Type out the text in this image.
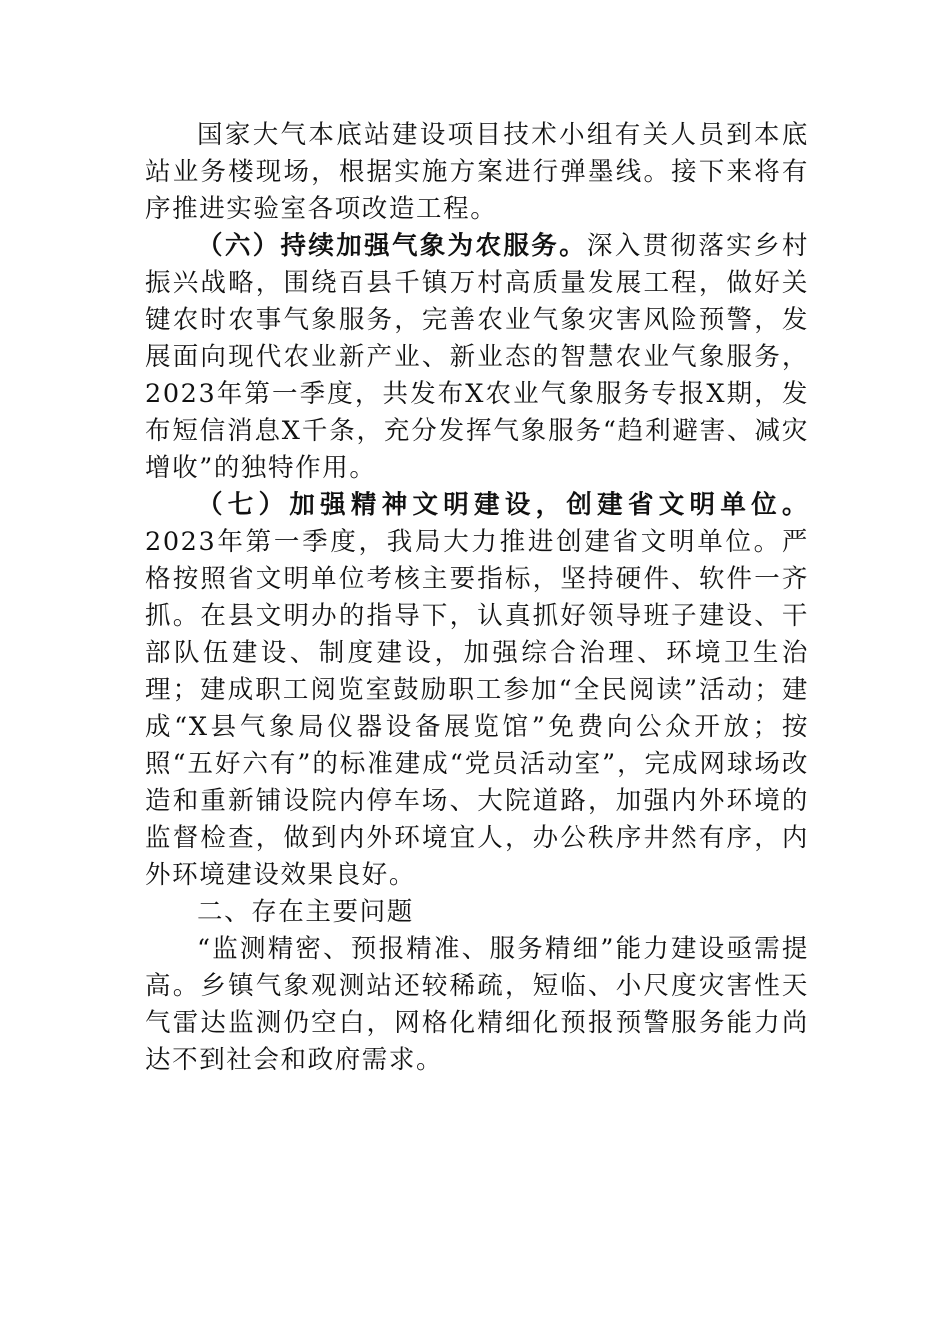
国家大气本底站建设项目技术小组有关人员到本底站业务楼现场，根据实施方案进行弹墨线。接下来将有序推进实验室各项改造工程。

（六）持续加强气象为农服务。深入贯彻落实乡村振兴战略，围绕百县千镇万村高质量发展工程，做好关键农时农事气象服务，完善农业气象灾害风险预警，发展面向现代农业新产业、新业态的智慧农业气象服务，2023年第一季度，共发布X农业气象服务专报X期，发布短信消息X千条，充分发挥气象服务“趋利避害、减灾增收”的独特作用。

（七）加强精神文明建设，创建省文明单位。2023年第一季度，我局大力推进创建省文明单位。严格按照省文明单位考核主要指标，坚持硬件、软件一齐抓。在县文明办的指导下，认真抓好领导班子建设、干部队伍建设、制度建设，加强综合治理、环境卫生治理；建成职工阅览室鼓励职工参加“全民阅读”活动；建成“X县气象局仪器设备展览馆”免费向公众开放；按照“五好六有”的标准建成“党员活动室”，完成网球场改造和重新铺设院内停车场、大院道路，加强内外环境的监督检查，做到内外环境宜人，办公秩序井然有序，内外环境建设效果良好。

二、存在主要问题

“监测精密、预报精准、服务精细”能力建设亟需提高。乡镇气象观测站还较稀疏，短临、小尺度灾害性天气雷达监测仍空白，网格化精细化预报预警服务能力尚达不到社会和政府需求。
